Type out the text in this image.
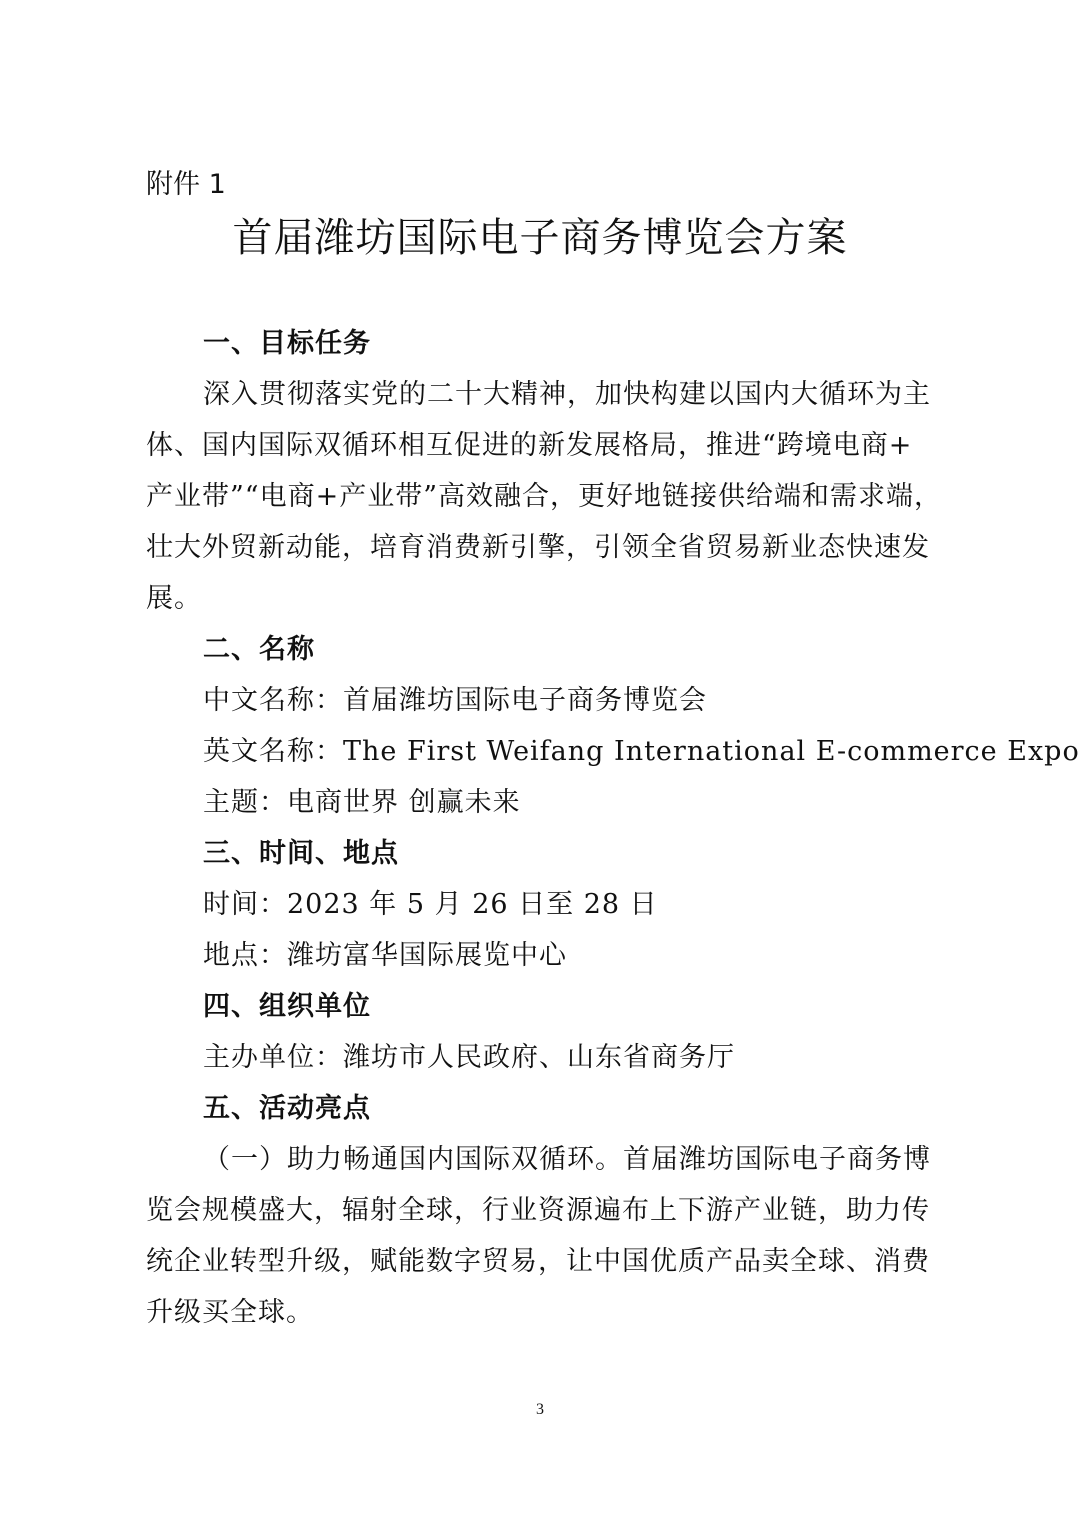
附件 1
首届潍坊国际电子商务博览会方案
一、目标任务
深入贯彻落实党的二十大精神，加快构建以国内大循环为主
体、国内国际双循环相互促进的新发展格局，推进“跨境电商+
产业带”“电商+产业带”高效融合，更好地链接供给端和需求端，
壮大外贸新动能，培育消费新引擎，引领全省贸易新业态快速发
展。
二、名称
中文名称：首届潍坊国际电子商务博览会
英文名称：The First Weifang International E-commerce Expo
主题：电商世界 创赢未来
三、时间、地点
时间：2023 年 5 月 26 日至 28 日
地点：潍坊富华国际展览中心
四、组织单位
主办单位：潍坊市人民政府、山东省商务厅
五、活动亮点
（一）助力畅通国内国际双循环。首届潍坊国际电子商务博
览会规模盛大，辐射全球，行业资源遍布上下游产业链，助力传
统企业转型升级，赋能数字贸易，让中国优质产品卖全球、消费
升级买全球。
3
